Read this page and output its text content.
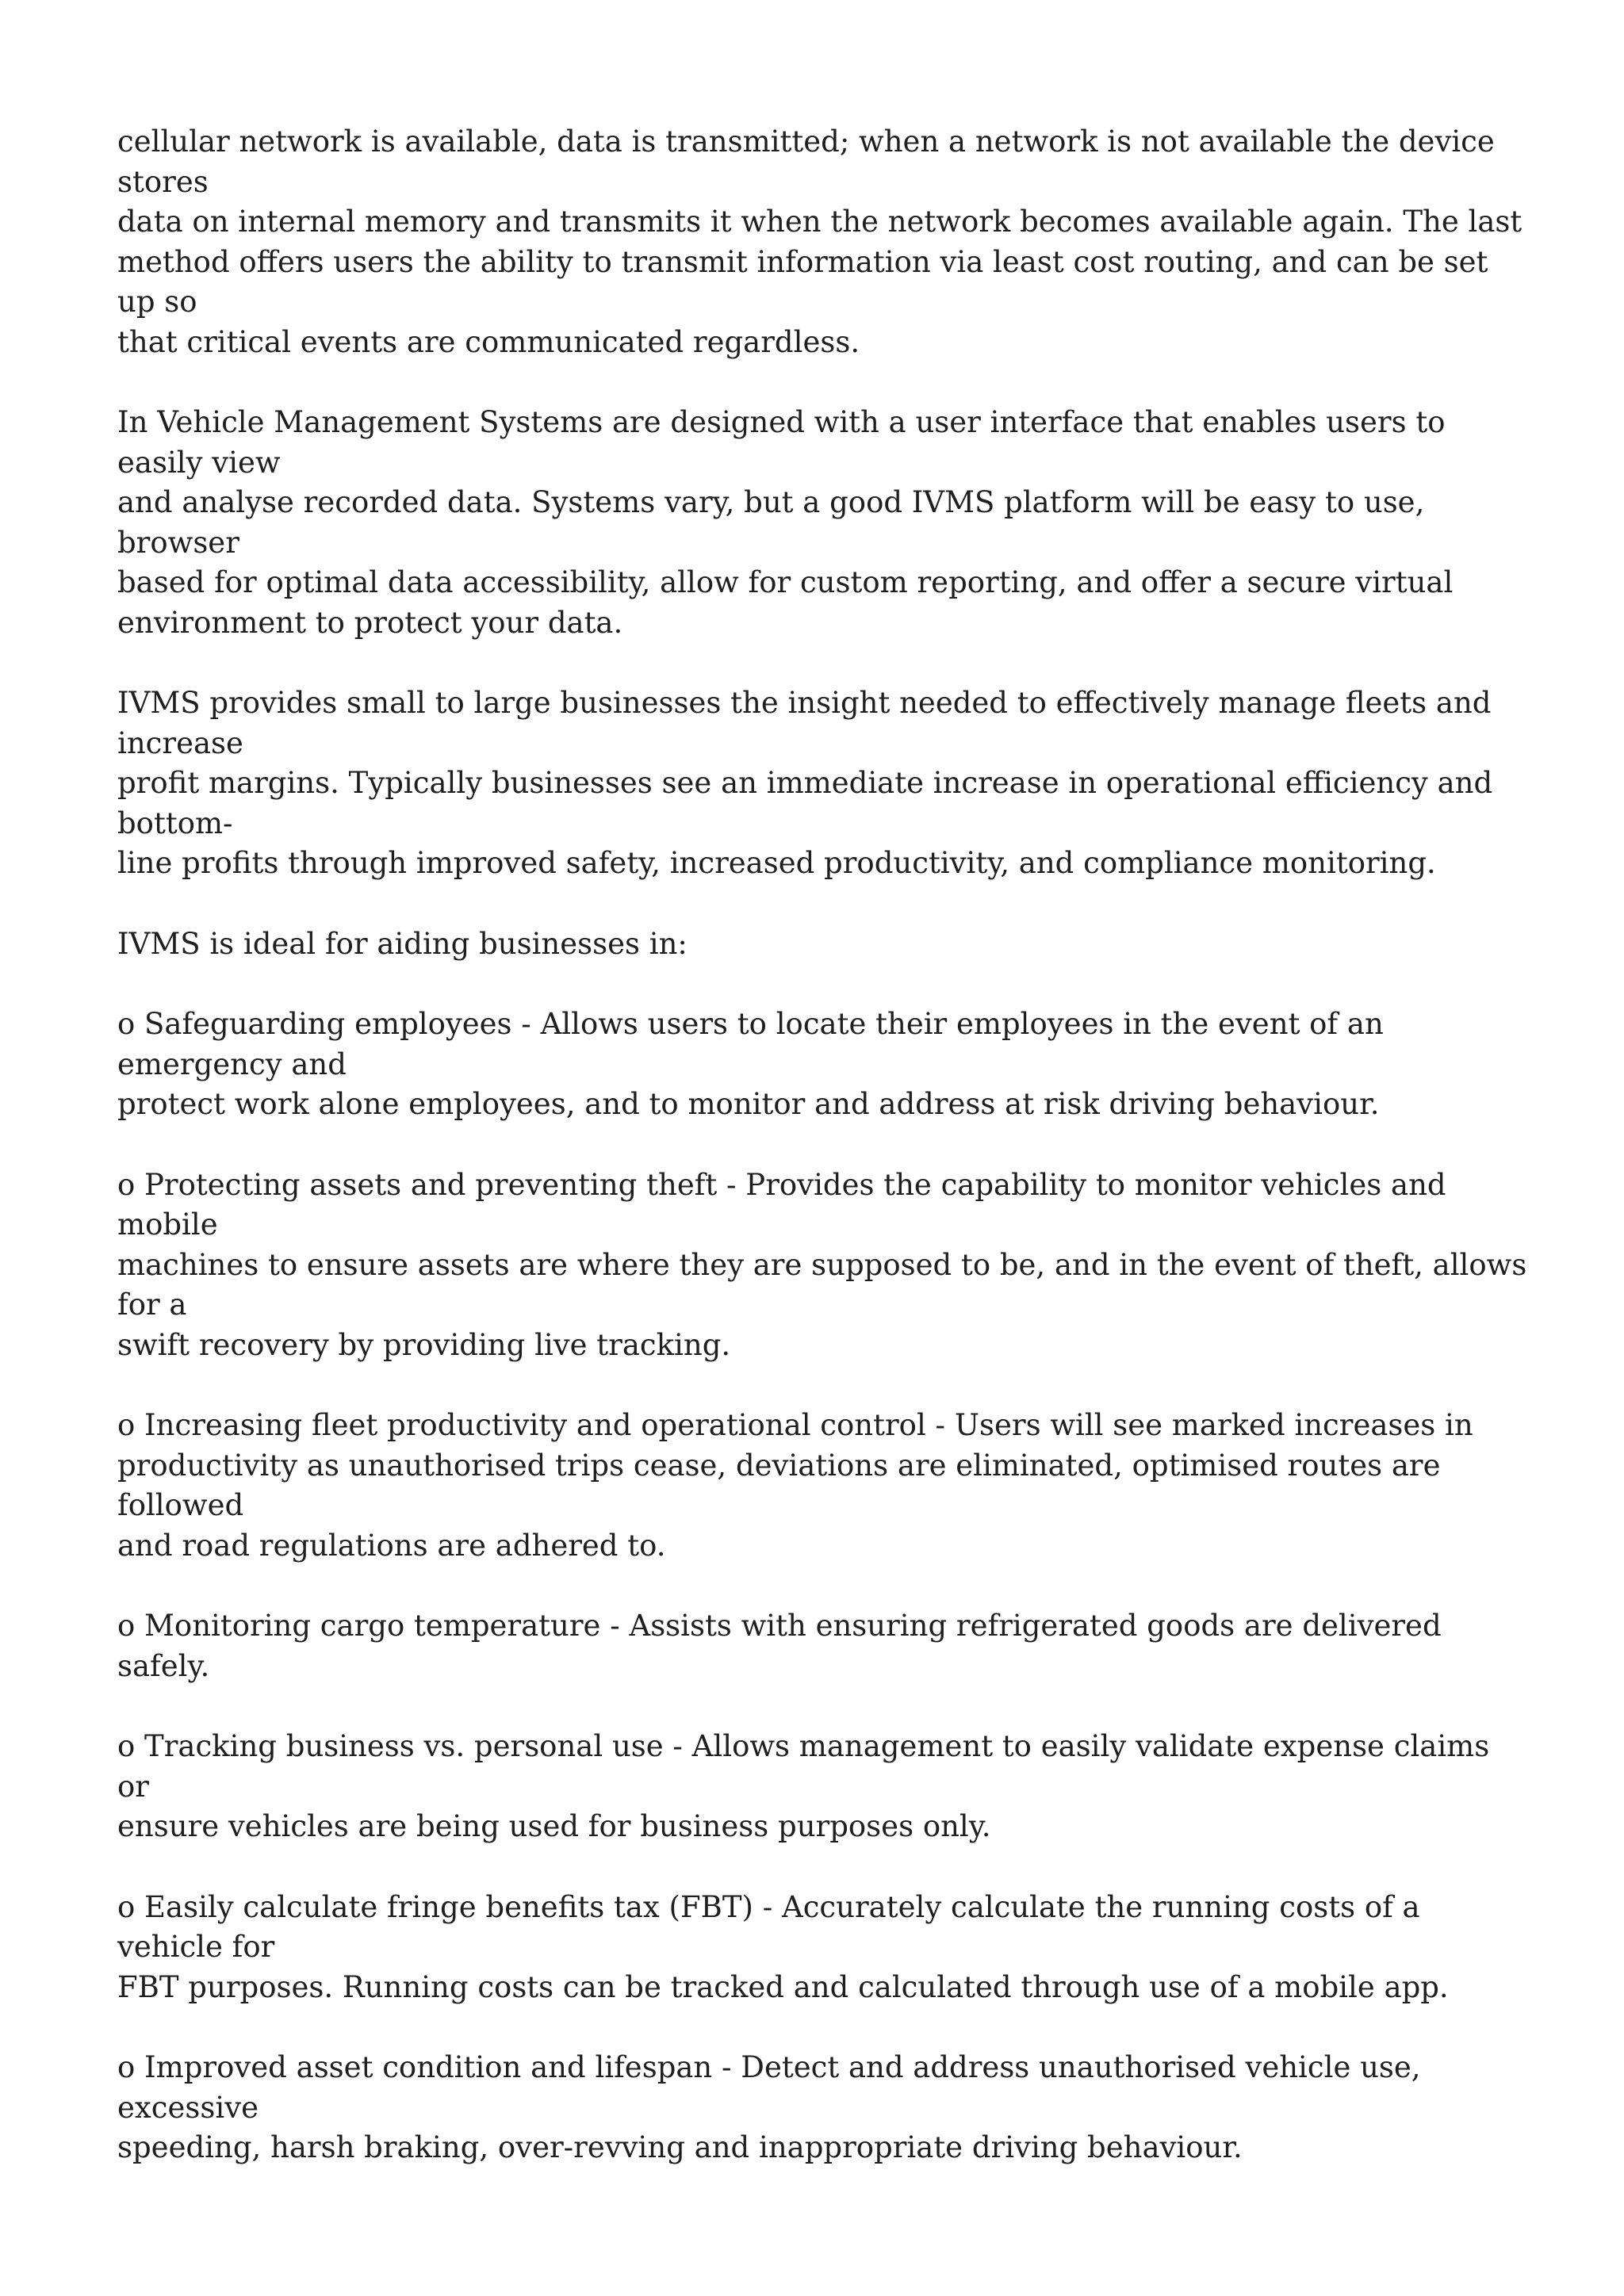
cellular network is available, data is transmitted; when a network is not available the device stores
data on internal memory and transmits it when the network becomes available again. The last
method offers users the ability to transmit information via least cost routing, and can be set up so
that critical events are communicated regardless.

In Vehicle Management Systems are designed with a user interface that enables users to easily view
and analyse recorded data. Systems vary, but a good IVMS platform will be easy to use, browser
based for optimal data accessibility, allow for custom reporting, and offer a secure virtual
environment to protect your data.

IVMS provides small to large businesses the insight needed to effectively manage fleets and increase
profit margins. Typically businesses see an immediate increase in operational efficiency and bottom-
line profits through improved safety, increased productivity, and compliance monitoring.

IVMS is ideal for aiding businesses in:

o Safeguarding employees - Allows users to locate their employees in the event of an emergency and
protect work alone employees, and to monitor and address at risk driving behaviour.

o Protecting assets and preventing theft - Provides the capability to monitor vehicles and mobile
machines to ensure assets are where they are supposed to be, and in the event of theft, allows for a
swift recovery by providing live tracking.

o Increasing fleet productivity and operational control - Users will see marked increases in
productivity as unauthorised trips cease, deviations are eliminated, optimised routes are followed
and road regulations are adhered to.

o Monitoring cargo temperature - Assists with ensuring refrigerated goods are delivered safely.

o Tracking business vs. personal use - Allows management to easily validate expense claims or
ensure vehicles are being used for business purposes only.

o Easily calculate fringe benefits tax (FBT) - Accurately calculate the running costs of a vehicle for
FBT purposes. Running costs can be tracked and calculated through use of a mobile app.

o Improved asset condition and lifespan - Detect and address unauthorised vehicle use, excessive
speeding, harsh braking, over-revving and inappropriate driving behaviour.
